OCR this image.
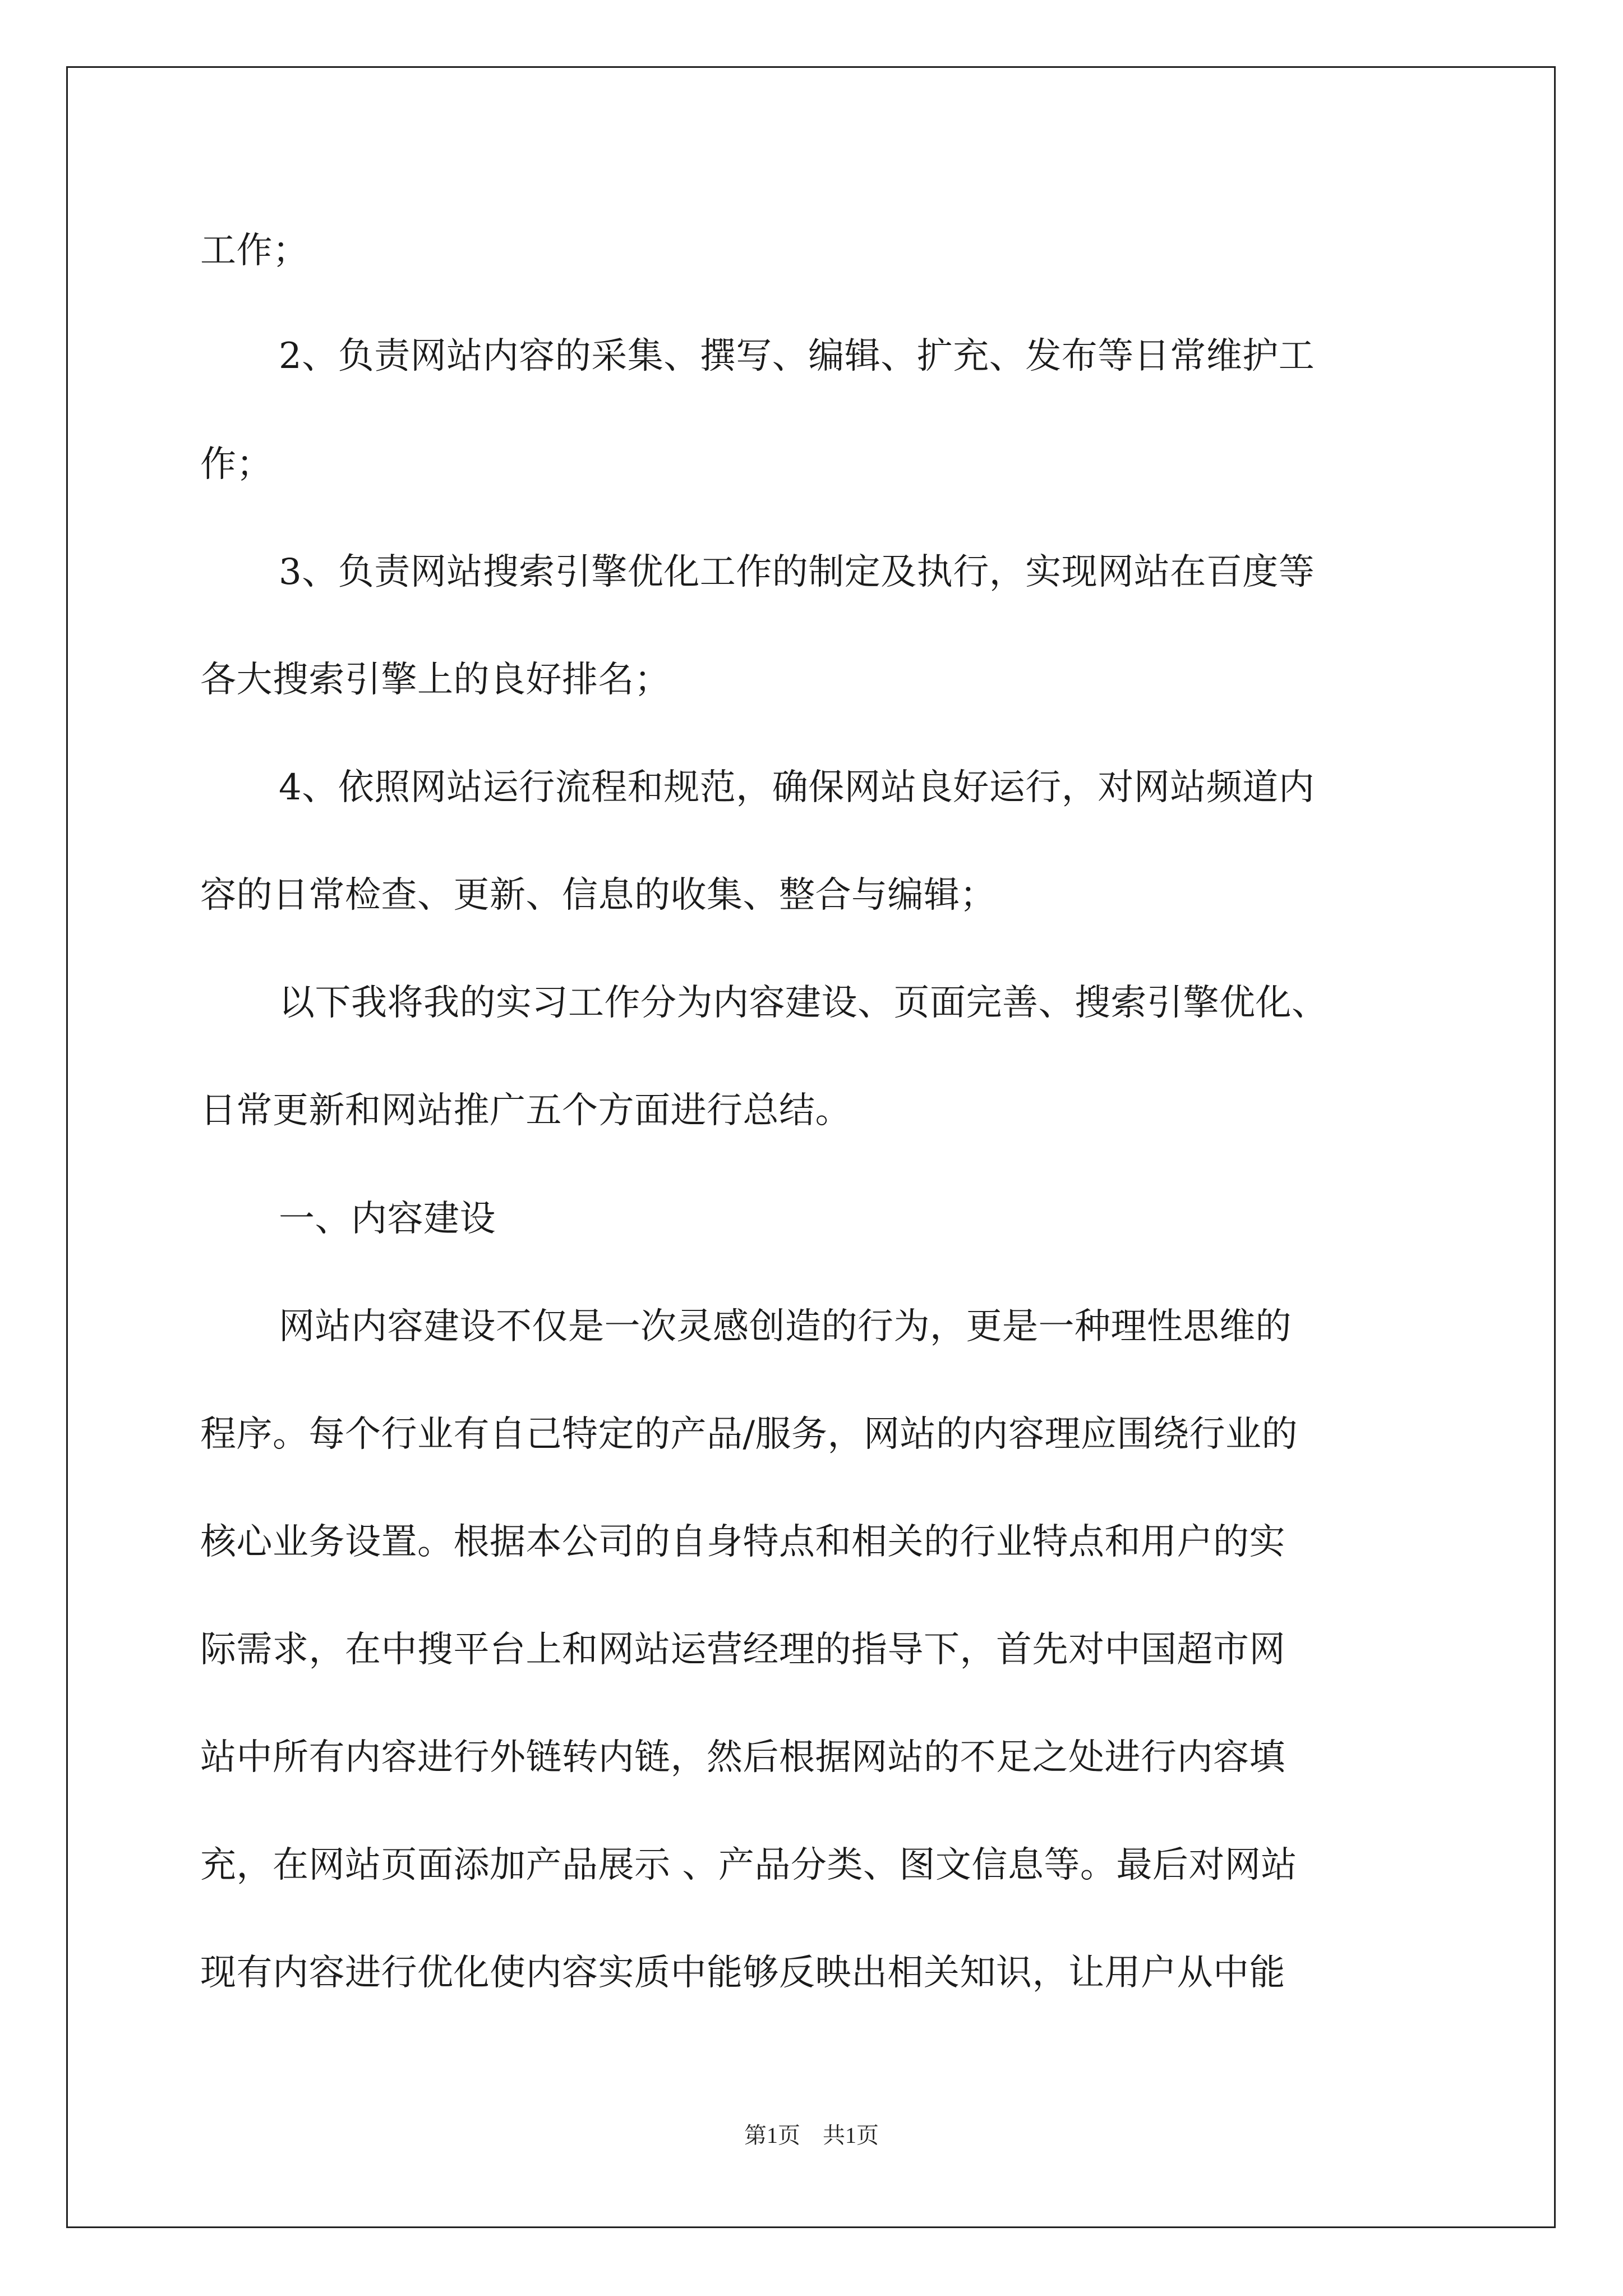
工作；
2、负责网站内容的采集、撰写、编辑、扩充、发布等日常维护工
作；
3、负责网站搜索引擎优化工作的制定及执行，实现网站在百度等
各大搜索引擎上的良好排名；
4、依照网站运行流程和规范，确保网站良好运行，对网站频道内
容的日常检查、更新、信息的收集、整合与编辑；
以下我将我的实习工作分为内容建设、页面完善、搜索引擎优化、
日常更新和网站推广五个方面进行总结。
一、内容建设
网站内容建设不仅是一次灵感创造的行为，更是一种理性思维的
程序。每个行业有自己特定的产品/服务，网站的内容理应围绕行业的
核心业务设置。根据本公司的自身特点和相关的行业特点和用户的实
际需求，在中搜平台上和网站运营经理的指导下，首先对中国超市网
站中所有内容进行外链转内链，然后根据网站的不足之处进行内容填
充，在网站页面添加产品展示 、产品分类、图文信息等。最后对网站
现有内容进行优化使内容实质中能够反映出相关知识，让用户从中能
第1页　共1页
